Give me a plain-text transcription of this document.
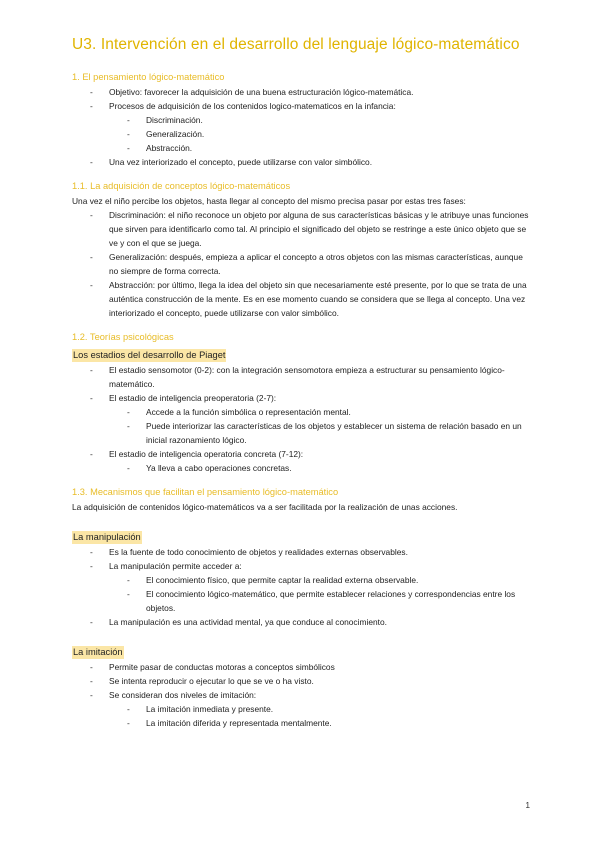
U3. Intervención en el desarrollo del lenguaje lógico-matemático
1. El pensamiento lógico-matemático
- Objetivo: favorecer la adquisición de una buena estructuración lógico-matemática.
- Procesos de adquisición de los contenidos logico-matematicos en la infancia:
- Discriminación.
- Generalización.
- Abstracción.
- Una vez interiorizado el concepto, puede utilizarse con valor simbólico.
1.1. La adquisición de conceptos lógico-matemáticos

Una vez el niño percibe los objetos, hasta llegar al concepto del mismo precisa pasar por estas tres fases:

- Discriminación: el niño reconoce un objeto por alguna de sus características básicas y le atribuye unas funciones que sirven para identificarlo como tal. Al principio el significado del objeto se restringe a este único objeto que se ve y con el que se juega.
- Generalización: después, empieza a aplicar el concepto a otros objetos con las mismas características, aunque no siempre de forma correcta.
- Abstracción: por último, llega la idea del objeto sin que necesariamente esté presente, por lo que se trata de una auténtica construcción de la mente. Es en ese momento cuando se considera que se llega al concepto. Una vez interiorizado el concepto, puede utilizarse con valor simbólico.
1.2. Teorías psicológicas
Los estadios del desarrollo de Piaget
- El estadio sensomotor (0-2): con la integración sensomotora empieza a estructurar su pensamiento lógico-matemático.
- El estadio de inteligencia preoperatoria (2-7):
- Accede a la función simbólica o representación mental.
- Puede interiorizar las características de los objetos y establecer un sistema de relación basado en un inicial razonamiento lógico.
- El estadio de inteligencia operatoria concreta (7-12):
- Ya lleva a cabo operaciones concretas.
1.3. Mecanismos que facilitan el pensamiento lógico-matemático

La adquisición de contenidos lógico-matemáticos va a ser facilitada por la realización de unas acciones.

La manipulación
- Es la fuente de todo conocimiento de objetos y realidades externas observables.
- La manipulación permite acceder a:
- El conocimiento físico, que permite captar la realidad externa observable.
- El conocimiento lógico-matemático, que permite establecer relaciones y correspondencias entre los objetos.
- La manipulación es una actividad mental, ya que conduce al conocimiento.
La imitación
- Permite pasar de conductas motoras a conceptos simbólicos
- Se intenta reproducir o ejecutar lo que se ve o ha visto.
- Se consideran dos niveles de imitación:
- La imitación inmediata y presente.
- La imitación diferida y representada mentalmente.
1
